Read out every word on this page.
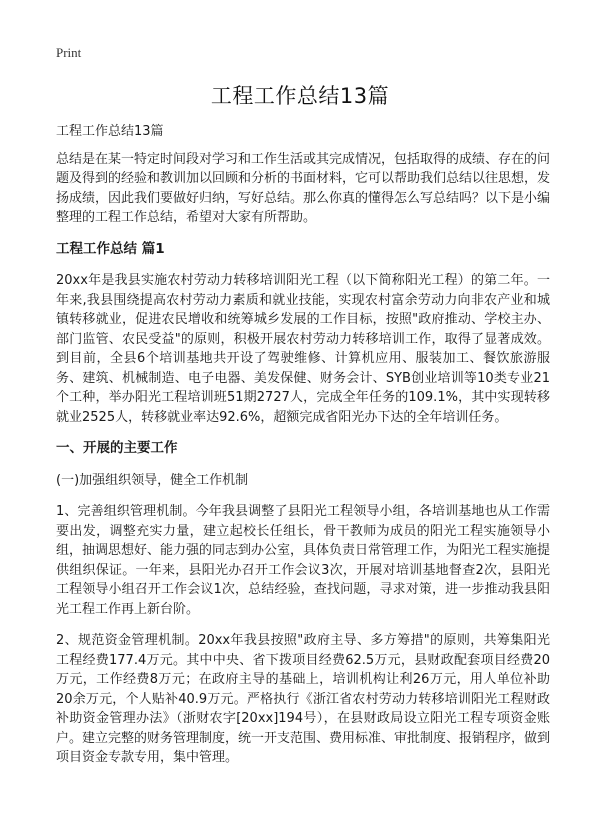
Print
工程工作总结13篇

工程工作总结13篇

总结是在某一特定时间段对学习和工作生活或其完成情况，包括取得的成绩、存在的问题及得到的经验和教训加以回顾和分析的书面材料，它可以帮助我们总结以往思想，发扬成绩，因此我们要做好归纳，写好总结。那么你真的懂得怎么写总结吗？以下是小编整理的工程工作总结，希望对大家有所帮助。

工程工作总结 篇1

20xx年是我县实施农村劳动力转移培训阳光工程（以下简称阳光工程）的第二年。一年来,我县围绕提高农村劳动力素质和就业技能，实现农村富余劳动力向非农产业和城镇转移就业，促进农民增收和统筹城乡发展的工作目标，按照"政府推动、学校主办、部门监管、农民受益"的原则，积极开展农村劳动力转移培训工作，取得了显著成效。到目前，全县6个培训基地共开设了驾驶维修、计算机应用、服装加工、餐饮旅游服务、建筑、机械制造、电子电器、美发保健、财务会计、SYB创业培训等10类专业21个工种，举办阳光工程培训班51期2727人，完成全年任务的109.1%，其中实现转移就业2525人，转移就业率达92.6%，超额完成省阳光办下达的全年培训任务。

一、开展的主要工作

(一)加强组织领导，健全工作机制

1、完善组织管理机制。今年我县调整了县阳光工程领导小组，各培训基地也从工作需要出发，调整充实力量，建立起校长任组长，骨干教师为成员的阳光工程实施领导小组，抽调思想好、能力强的同志到办公室，具体负责日常管理工作，为阳光工程实施提供组织保证。一年来，县阳光办召开工作会议3次，开展对培训基地督查2次，县阳光工程领导小组召开工作会议1次，总结经验，查找问题，寻求对策，进一步推动我县阳光工程工作再上新台阶。

2、规范资金管理机制。20xx年我县按照"政府主导、多方筹措"的原则，共筹集阳光工程经费177.4万元。其中中央、省下拨项目经费62.5万元，县财政配套项目经费20万元，工作经费8万元；在政府主导的基础上，培训机构让利26万元，用人单位补助20余万元，个人贴补40.9万元。严格执行《浙江省农村劳动力转移培训阳光工程财政补助资金管理办法》（浙财农字[20xx]194号），在县财政局设立阳光工程专项资金账户。建立完整的财务管理制度，统一开支范围、费用标准、审批制度、报销程序，做到项目资金专款专用，集中管理。
